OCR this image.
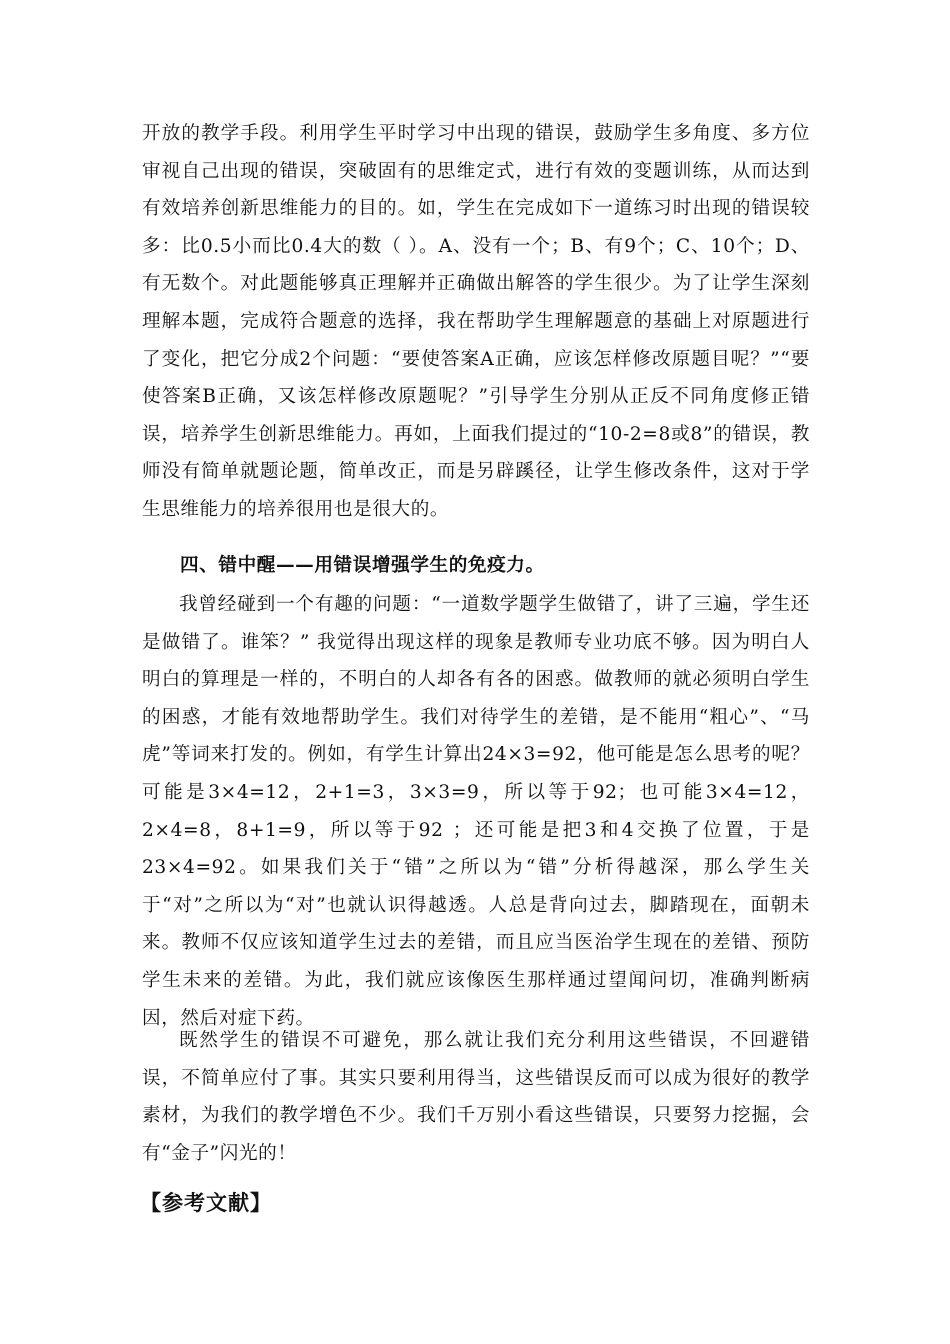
开放的教学手段。利用学生平时学习中出现的错误，鼓励学生多角度、多方位审视自己出现的错误，突破固有的思维定式，进行有效的变题训练，从而达到有效培养创新思维能力的目的。如，学生在完成如下一道练习时出现的错误较多：比0.5小而比0.4大的数（ ）。A、没有一个；B、有9个；C、10个；D、有无数个。对此题能够真正理解并正确做出解答的学生很少。为了让学生深刻理解本题，完成符合题意的选择，我在帮助学生理解题意的基础上对原题进行了变化，把它分成2个问题：“要使答案A正确，应该怎样修改原题目呢？”“要使答案B正确，又该怎样修改原题呢？”引导学生分别从正反不同角度修正错误，培养学生创新思维能力。再如，上面我们提过的“10-2=8或8”的错误，教师没有简单就题论题，简单改正，而是另辟蹊径，让学生修改条件，这对于学生思维能力的培养很用也是很大的。

四、错中醒——用错误增强学生的免疫力。

我曾经碰到一个有趣的问题：“一道数学题学生做错了，讲了三遍，学生还是做错了。谁笨？” 我觉得出现这样的现象是教师专业功底不够。因为明白人明白的算理是一样的，不明白的人却各有各的困惑。做教师的就必须明白学生的困惑，才能有效地帮助学生。我们对待学生的差错，是不能用“粗心”、“马虎”等词来打发的。例如，有学生计算出24×3=92，他可能是怎么思考的呢？可能是3×4=12，2+1=3，3×3=9，所以等于92；也可能3×4=12，2×4=8，8+1=9，所以等于92 ；还可能是把3和4交换了位置，于是23×4=92。如果我们关于“错”之所以为“错”分析得越深，那么学生关于“对”之所以为“对”也就认识得越透。人总是背向过去，脚踏现在，面朝未来。教师不仅应该知道学生过去的差错，而且应当医治学生现在的差错、预防学生未来的差错。为此，我们就应该像医生那样通过望闻问切，准确判断病因，然后对症下药。

既然学生的错误不可避免，那么就让我们充分利用这些错误，不回避错误，不简单应付了事。其实只要利用得当，这些错误反而可以成为很好的教学素材，为我们的教学增色不少。我们千万别小看这些错误，只要努力挖掘，会有“金子”闪光的！

【参考文献】
